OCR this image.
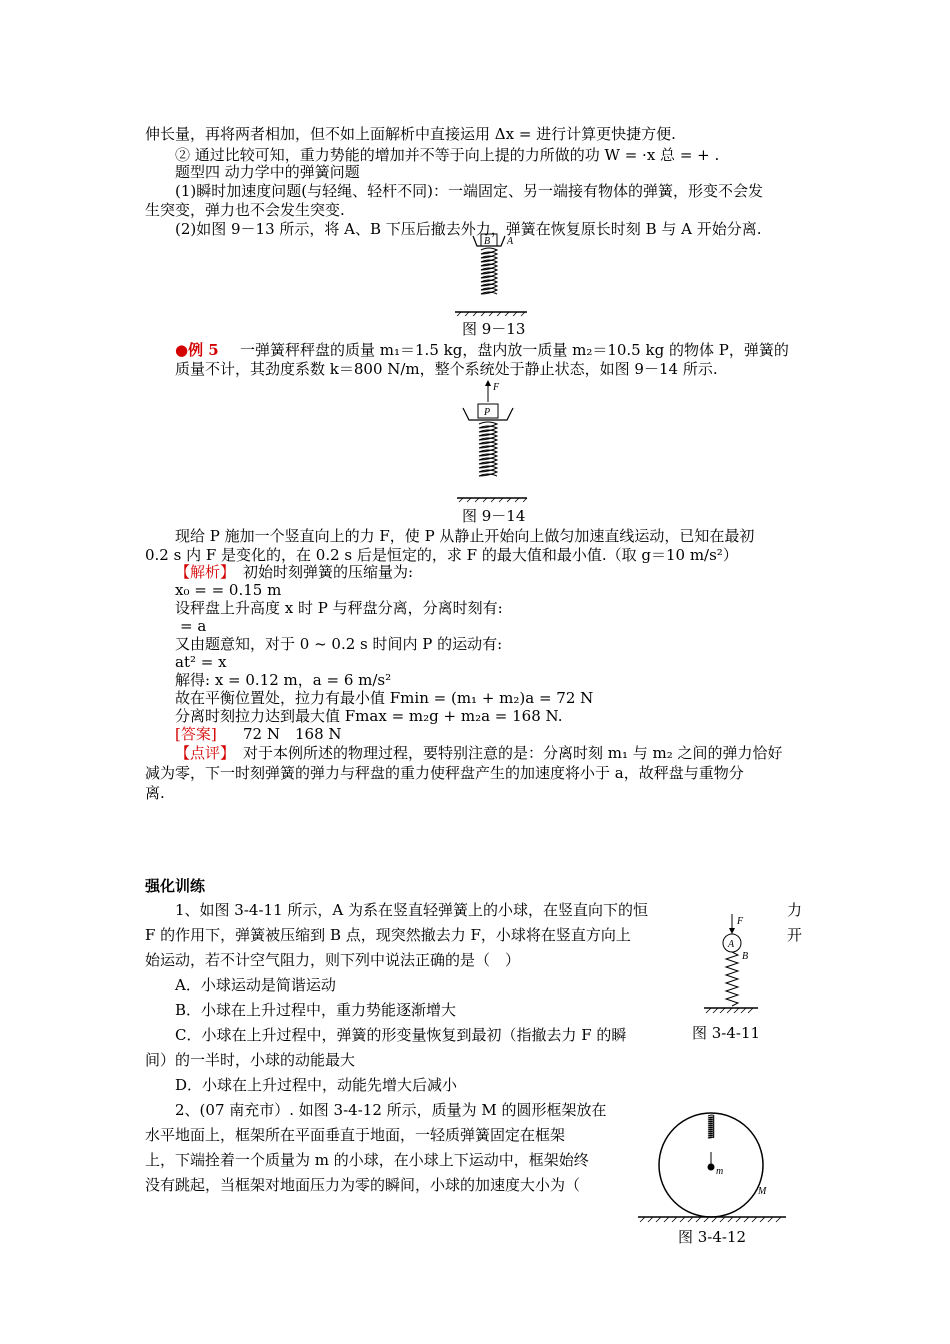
伸长量，再将两者相加，但不如上面解析中直接运用 Δx = 进行计算更快捷方便.
② 通过比较可知，重力势能的增加并不等于向上提的力所做的功 W = ·x 总 = + .
题型四 动力学中的弹簧问题
(1)瞬时加速度问题(与轻绳、轻杆不同)：一端固定、另一端接有物体的弹簧，形变不会发
生突变，弹力也不会发生突变.
(2)如图 9－13 所示，将 A、B 下压后撤去外力，弹簧在恢复原长时刻 B 与 A 开始分离.
B A
图 9－13
●例 5 一弹簧秤秤盘的质量 m₁＝1.5 kg，盘内放一质量 m₂＝10.5 kg 的物体 P，弹簧的
质量不计，其劲度系数 k＝800 N/m，整个系统处于静止状态，如图 9－14 所示.
F
P
图 9－14
现给 P 施加一个竖直向上的力 F，使 P 从静止开始向上做匀加速直线运动，已知在最初
0.2 s 内 F 是变化的，在 0.2 s 后是恒定的，求 F 的最大值和最小值.（取 g＝10 m/s²）
【解析】 初始时刻弹簧的压缩量为:
x₀ = = 0.15 m
设秤盘上升高度 x 时 P 与秤盘分离，分离时刻有:
= a
又由题意知，对于 0 ~ 0.2 s 时间内 P 的运动有:
at² = x
解得: x = 0.12 m，a = 6 m/s²
故在平衡位置处，拉力有最小值 Fmin = (m₁ + m₂)a = 72 N
分离时刻拉力达到最大值 Fmax = m₂g + m₂a = 168 N.
[答案] 72 N　168 N
【点评】 对于本例所述的物理过程，要特别注意的是：分离时刻 m₁ 与 m₂ 之间的弹力恰好
减为零，下一时刻弹簧的弹力与秤盘的重力使秤盘产生的加速度将小于 a，故秤盘与重物分
离.
强化训练
1、如图 3-4-11 所示，A 为系在竖直轻弹簧上的小球，在竖直向下的恒	力
F 的作用下，弹簧被压缩到 B 点，现突然撤去力 F，小球将在竖直方向上	开
始运动，若不计空气阻力，则下列中说法正确的是（　）
A．小球运动是简谐运动
B．小球在上升过程中，重力势能逐渐增大
C．小球在上升过程中，弹簧的形变量恢复到最初（指撤去力 F 的瞬
间）的一半时，小球的动能最大
D．小球在上升过程中，动能先增大后减小
F
A
B
图 3-4-11
2、(07 南充市）. 如图 3-4-12 所示，质量为 M 的圆形框架放在
水平地面上，框架所在平面垂直于地面，一轻质弹簧固定在框架
上，下端拴着一个质量为 m 的小球，在小球上下运动中，框架始终
没有跳起，当框架对地面压力为零的瞬间，小球的加速度大小为（
m
M
图 3-4-12
